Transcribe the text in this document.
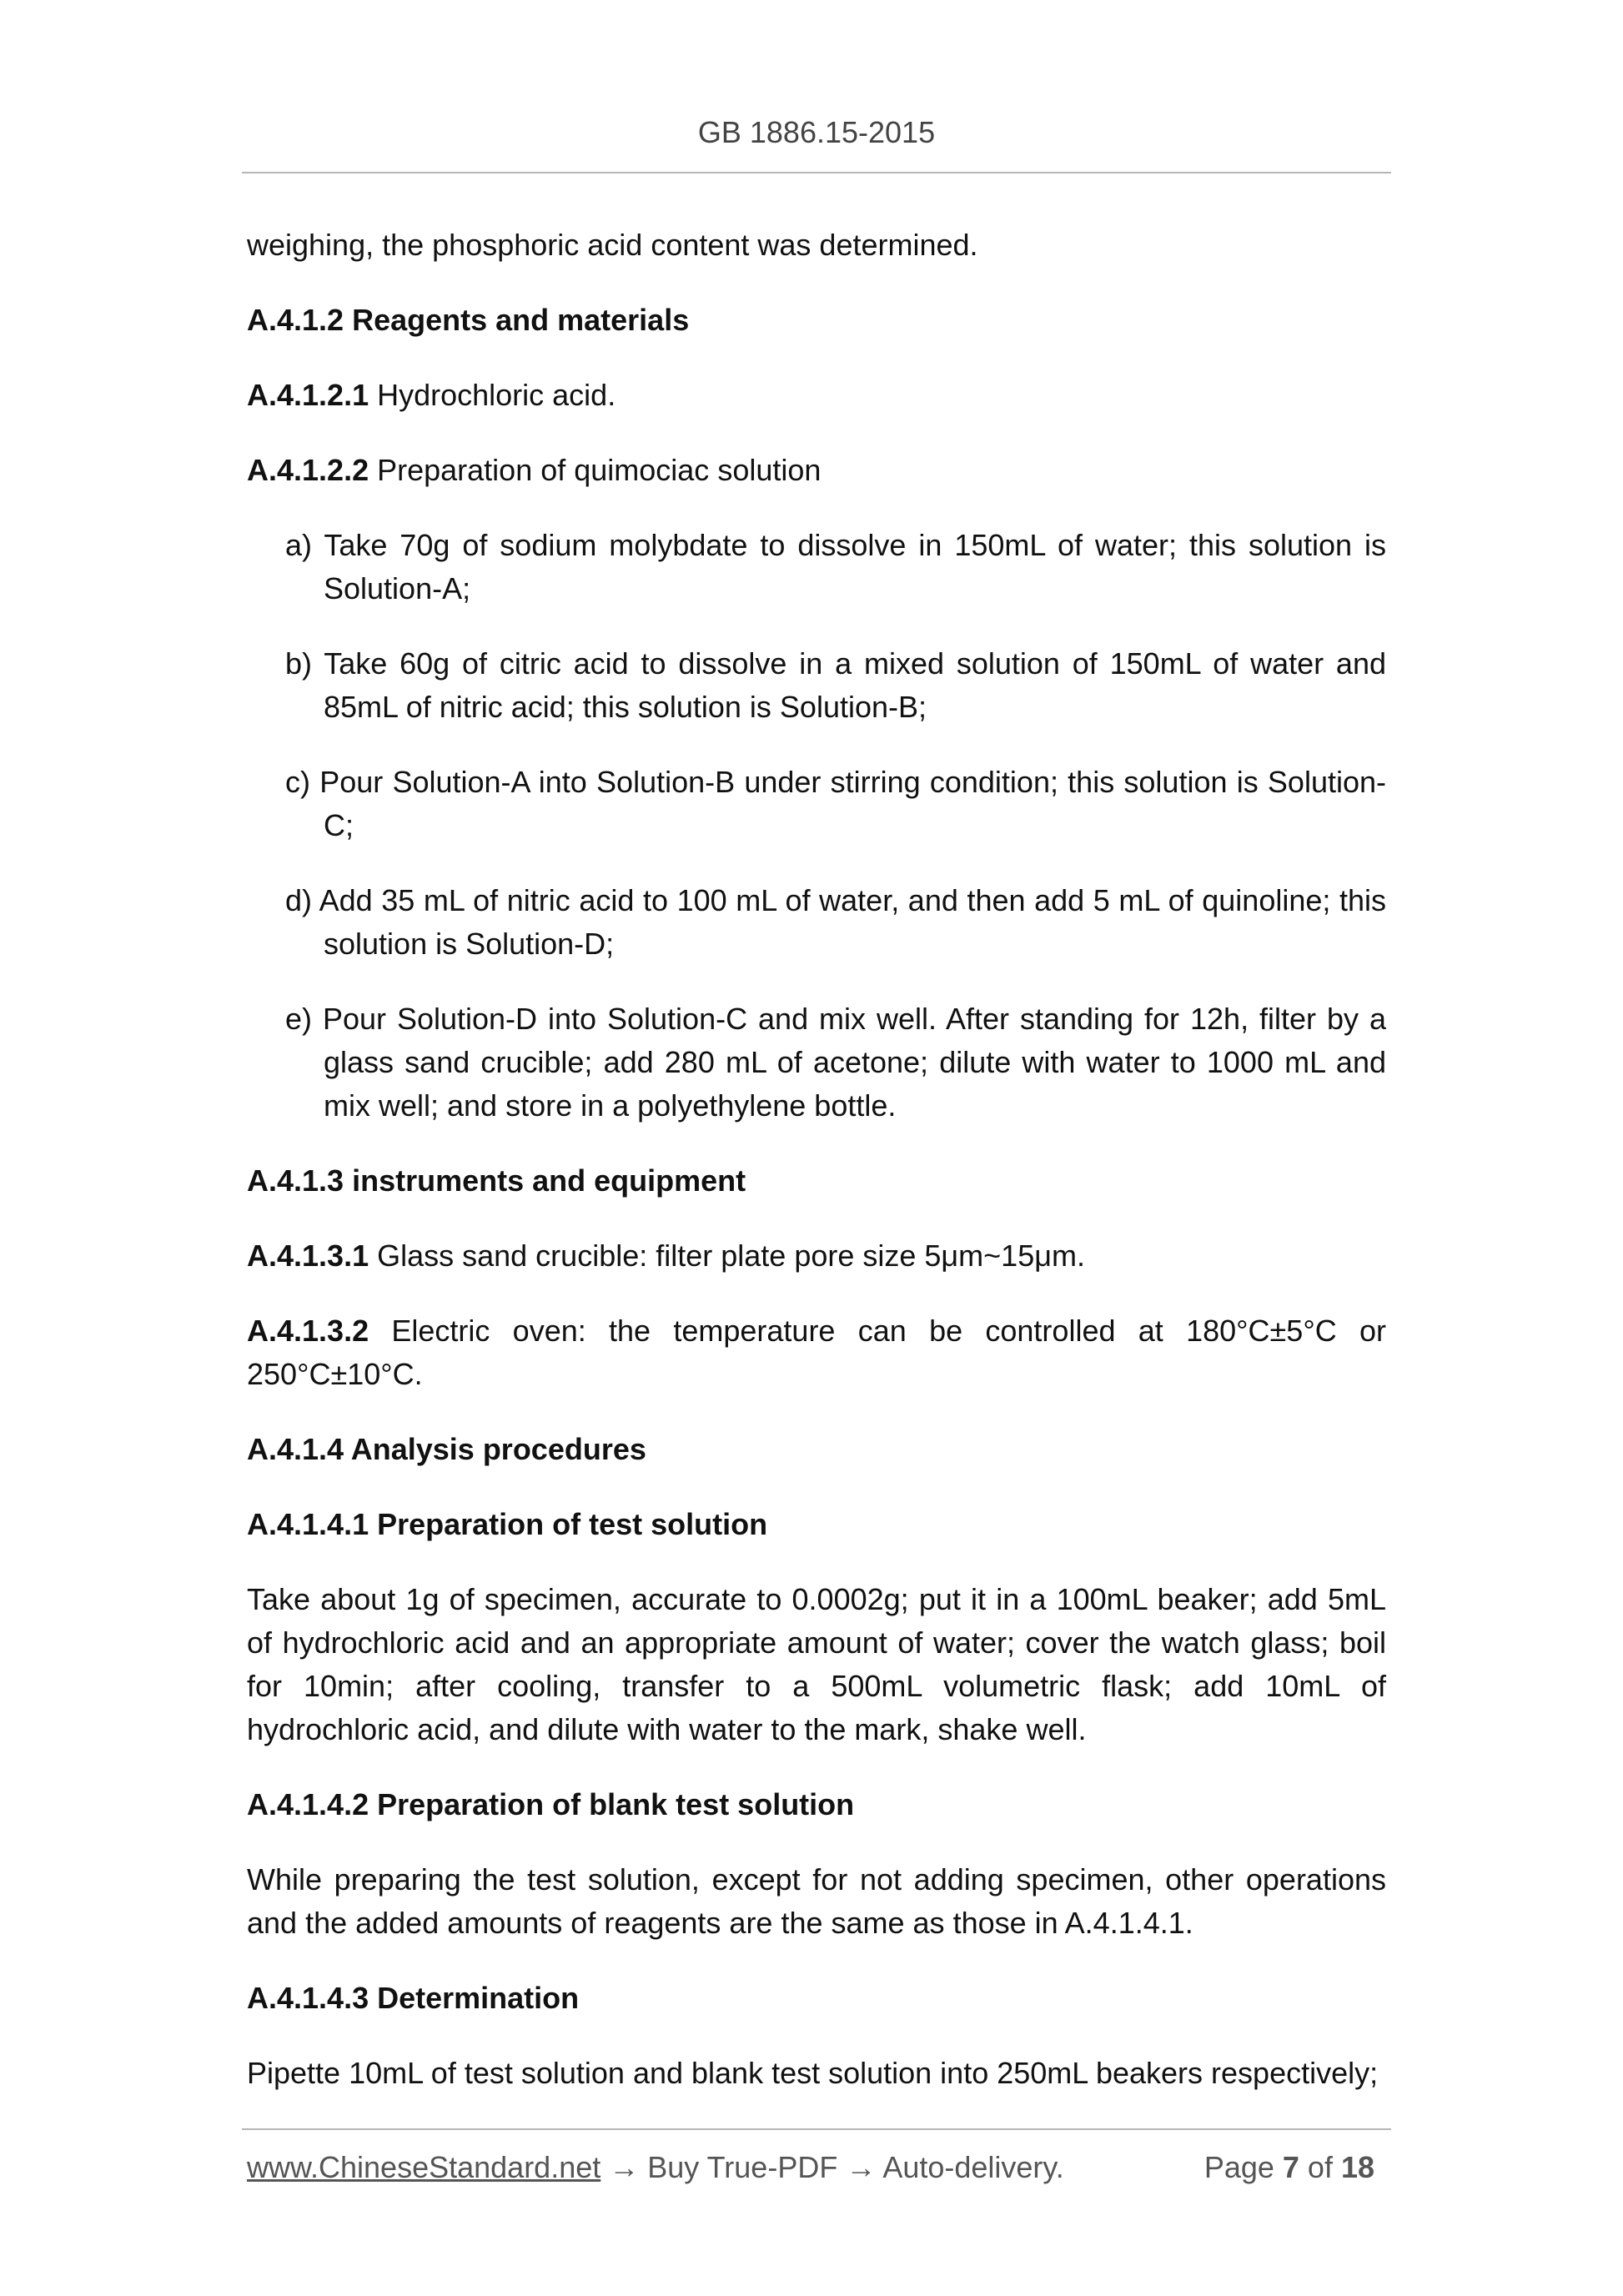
GB 1886.15-2015

weighing, the phosphoric acid content was determined.

A.4.1.2 Reagents and materials

A.4.1.2.1 Hydrochloric acid.

A.4.1.2.2 Preparation of quimociac solution

a) Take 70g of sodium molybdate to dissolve in 150mL of water; this solution is Solution-A;
b) Take 60g of citric acid to dissolve in a mixed solution of 150mL of water and 85mL of nitric acid; this solution is Solution-B;
c) Pour Solution-A into Solution-B under stirring condition; this solution is Solution-C;
d) Add 35 mL of nitric acid to 100 mL of water, and then add 5 mL of quinoline; this solution is Solution-D;
e) Pour Solution-D into Solution-C and mix well. After standing for 12h, filter by a glass sand crucible; add 280 mL of acetone; dilute with water to 1000 mL and mix well; and store in a polyethylene bottle.

A.4.1.3 instruments and equipment

A.4.1.3.1 Glass sand crucible: filter plate pore size 5μm~15μm.

A.4.1.3.2 Electric oven: the temperature can be controlled at 180°C±5°C or 250°C±10°C.

A.4.1.4 Analysis procedures

A.4.1.4.1 Preparation of test solution

Take about 1g of specimen, accurate to 0.0002g; put it in a 100mL beaker; add 5mL of hydrochloric acid and an appropriate amount of water; cover the watch glass; boil for 10min; after cooling, transfer to a 500mL volumetric flask; add 10mL of hydrochloric acid, and dilute with water to the mark, shake well.

A.4.1.4.2 Preparation of blank test solution

While preparing the test solution, except for not adding specimen, other operations and the added amounts of reagents are the same as those in A.4.1.4.1.

A.4.1.4.3 Determination

Pipette 10mL of test solution and blank test solution into 250mL beakers respectively;

www.ChineseStandard.net → Buy True-PDF → Auto-delivery.	Page 7 of 18
